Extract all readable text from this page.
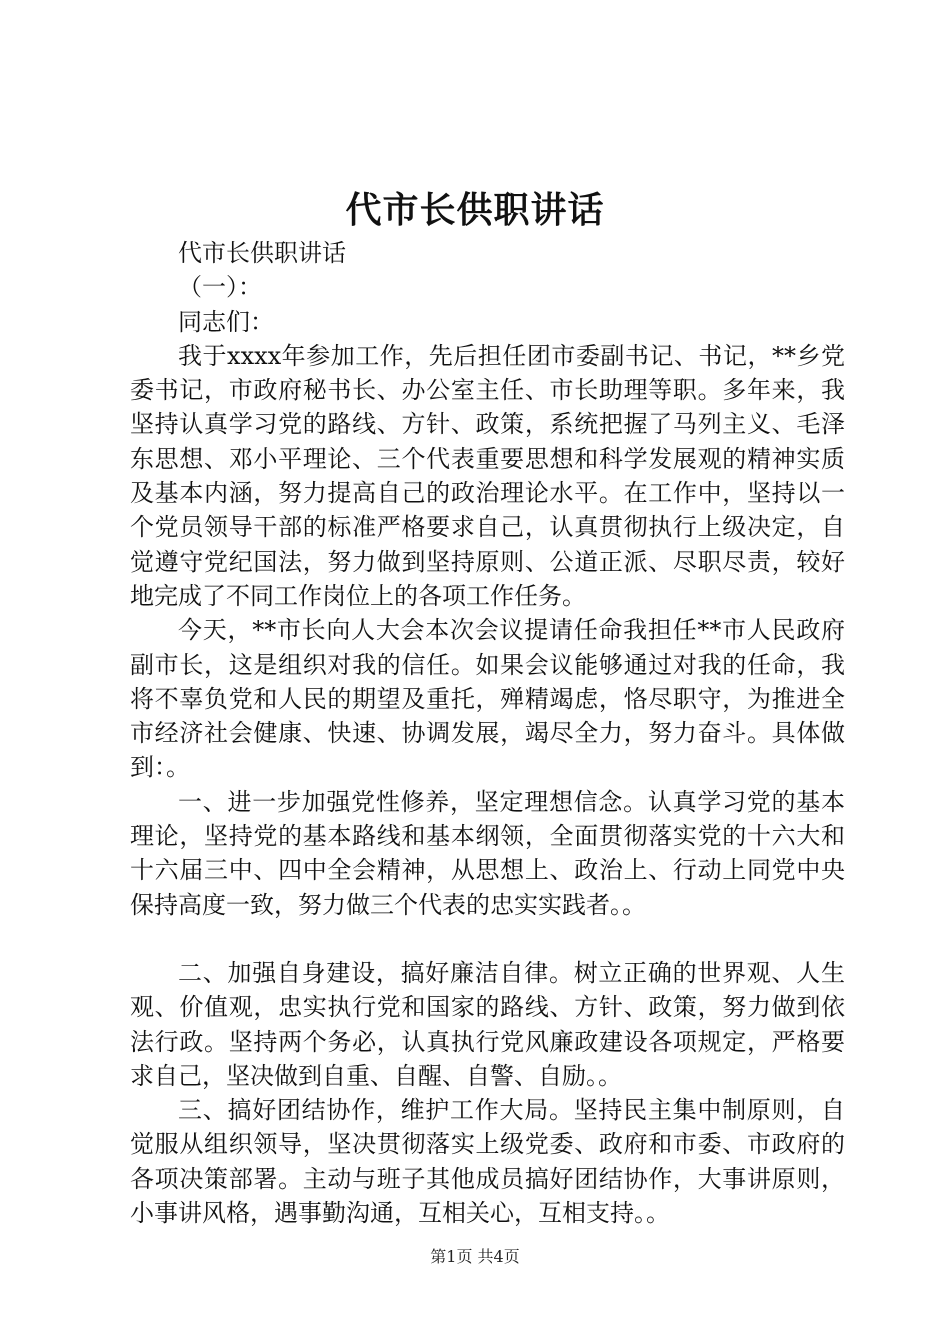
代市长供职讲话

代市长供职讲话

（一）：

同志们：

我于xxxx年参加工作，先后担任团市委副书记、书记，**乡党委书记，市政府秘书长、办公室主任、市长助理等职。多年来，我坚持认真学习党的路线、方针、政策，系统把握了马列主义、毛泽东思想、邓小平理论、三个代表重要思想和科学发展观的精神实质及基本内涵，努力提高自己的政治理论水平。在工作中，坚持以一个党员领导干部的标准严格要求自己，认真贯彻执行上级决定，自觉遵守党纪国法，努力做到坚持原则、公道正派、尽职尽责，较好地完成了不同工作岗位上的各项工作任务。

今天，**市长向人大会本次会议提请任命我担任**市人民政府副市长，这是组织对我的信任。如果会议能够通过对我的任命，我将不辜负党和人民的期望及重托，殚精竭虑，恪尽职守，为推进全市经济社会健康、快速、协调发展，竭尽全力，努力奋斗。具体做到：。

一、进一步加强党性修养，坚定理想信念。认真学习党的基本理论，坚持党的基本路线和基本纲领，全面贯彻落实党的十六大和十六届三中、四中全会精神，从思想上、政治上、行动上同党中央保持高度一致，努力做三个代表的忠实实践者。。

二、加强自身建设，搞好廉洁自律。树立正确的世界观、人生观、价值观，忠实执行党和国家的路线、方针、政策，努力做到依法行政。坚持两个务必，认真执行党风廉政建设各项规定，严格要求自己，坚决做到自重、自醒、自警、自励。。

三、搞好团结协作，维护工作大局。坚持民主集中制原则，自觉服从组织领导，坚决贯彻落实上级党委、政府和市委、市政府的各项决策部署。主动与班子其他成员搞好团结协作，大事讲原则，小事讲风格，遇事勤沟通，互相关心，互相支持。。

第1页 共4页
